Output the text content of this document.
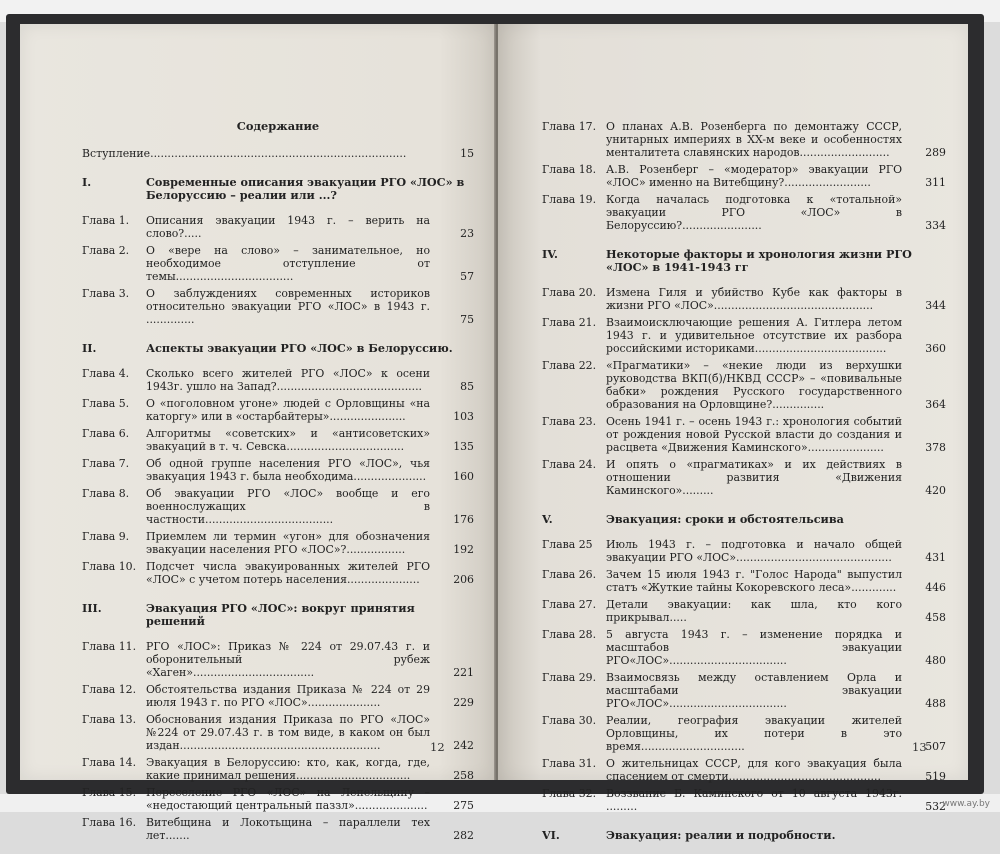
Содержание
Вступление..........................................................................	15
I.	Современные описания эвакуации РГО «ЛОС» в Белоруссию – реалии или ...?
Глава 1.	Описания эвакуации 1943 г. – верить на слово?.....	23
Глава 2.	О «вере на слово» – занимательное, но необходимое отступление от темы..................................	57
Глава 3.	О заблуждениях современных историков относительно эвакуации РГО «ЛОС» в 1943 г. ..............	75
II.	Аспекты эвакуации РГО «ЛОС» в Белоруссию.
Глава 4.	Сколько всего жителей РГО «ЛОС» к осени 1943г. ушло на Запад?..........................................	85
Глава 5.	О «поголовном угоне» людей с Орловщины «на каторгу» или в «остарбайтеры»......................	103
Глава 6.	Алгоритмы «советских» и «антисоветских» эвакуаций в т. ч. Севска..................................	135
Глава 7.	Об одной группе населения РГО «ЛОС», чья эвакуация 1943 г. была необходима.....................	160
Глава 8.	Об эвакуации РГО «ЛОС» вообще и его военнослужащих в частности.....................................	176
Глава 9.	Приемлем ли термин «угон» для обозначения эвакуации населения РГО «ЛОС»?.................	192
Глава 10. Подсчет числа эвакуированных жителей РГО «ЛОС» с учетом потерь населения.....................	206
III.	Эвакуация РГО «ЛОС»: вокруг принятия решений
Глава 11. РГО «ЛОС»: Приказ № 224 от 29.07.43 г. и оборонительный рубеж «Хаген»...................................	221
Глава 12. Обстоятельства издания Приказа № 224 от 29 июля 1943 г. по РГО «ЛОС».....................	229
Глава 13. Обоснования издания Приказа по РГО «ЛОС» №224 от 29.07.43 г. в том виде, в каком он был издан..........................................................	242
Глава 14. Эвакуация в Белоруссию: кто, как, когда, где, какие принимал решения.................................	258
Глава 15. Переселение РГО «ЛОС» на Лепельщину – «недостающий центральный паззл».....................	275
Глава 16. Витебщина и Локотьщина – параллели тех лет.......	282
12
Глава 17. О планах А.В. Розенберга по демонтажу СССР, унитарных империях в XX-м веке и особенностях менталитета славянских народов..........................	289
Глава 18. А.В. Розенберг – «модератор» эвакуации РГО «ЛОС» именно на Витебщину?.........................	311
Глава 19. Когда началась подготовка к «тотальной» эвакуации РГО «ЛОС» в Белоруссию?.......................	334
IV.	Некоторые факторы и хронология жизни РГО «ЛОС» в 1941-1943 гг
Глава 20. Измена Гиля и убийство Кубе как факторы в жизни РГО «ЛОС»..............................................	344
Глава 21. Взаимоисключающие решения А. Гитлера летом 1943 г. и удивительное отсутствие их разбора российскими историками......................................	360
Глава 22. «Прагматики» – «некие люди из верхушки руководства ВКП(б)/НКВД СССР» – «повивальные бабки» рождения Русского государственного образования на Орловщине?...............	364
Глава 23. Осень 1941 г. – осень 1943 г.: хронология событий от рождения новой Русской власти до создания и расцвета «Движения Каминского»......................	378
Глава 24. И опять о «прагматиках» и их действиях в отношении развития «Движения Каминского».........	420
V.	Эвакуация: сроки и обстоятельсива
Глава 25	Июль 1943 г. – подготовка и начало общей эвакуации РГО «ЛОС».............................................	431
Глава 26. Зачем 15 июля 1943 г. "Голос Народа" выпустил статъ «Жуткие тайны Кокоревского леса».............	446
Глава 27. Детали эвакуации: как шла, кто кого прикрывал.....	458
Глава 28. 5 августа 1943 г. – изменение порядка и масштабов эвакуации РГО«ЛОС»..................................	480
Глава 29. Взаимосвязь между оставлением Орла и масштабами эвакуации РГО«ЛОС»..................................	488
Глава 30. Реалии, география эвакуации жителей Орловщины, их потери в это время..............................	507
Глава 31. О жительницах СССР, для кого эвакуация была спасением от смерти............................................	519
Глава 32. Воззвание Б. Каминского от 10 августа 1943г. .........	532
VI.	Эвакуация: реалии и подробности.
13
www.ay.by
